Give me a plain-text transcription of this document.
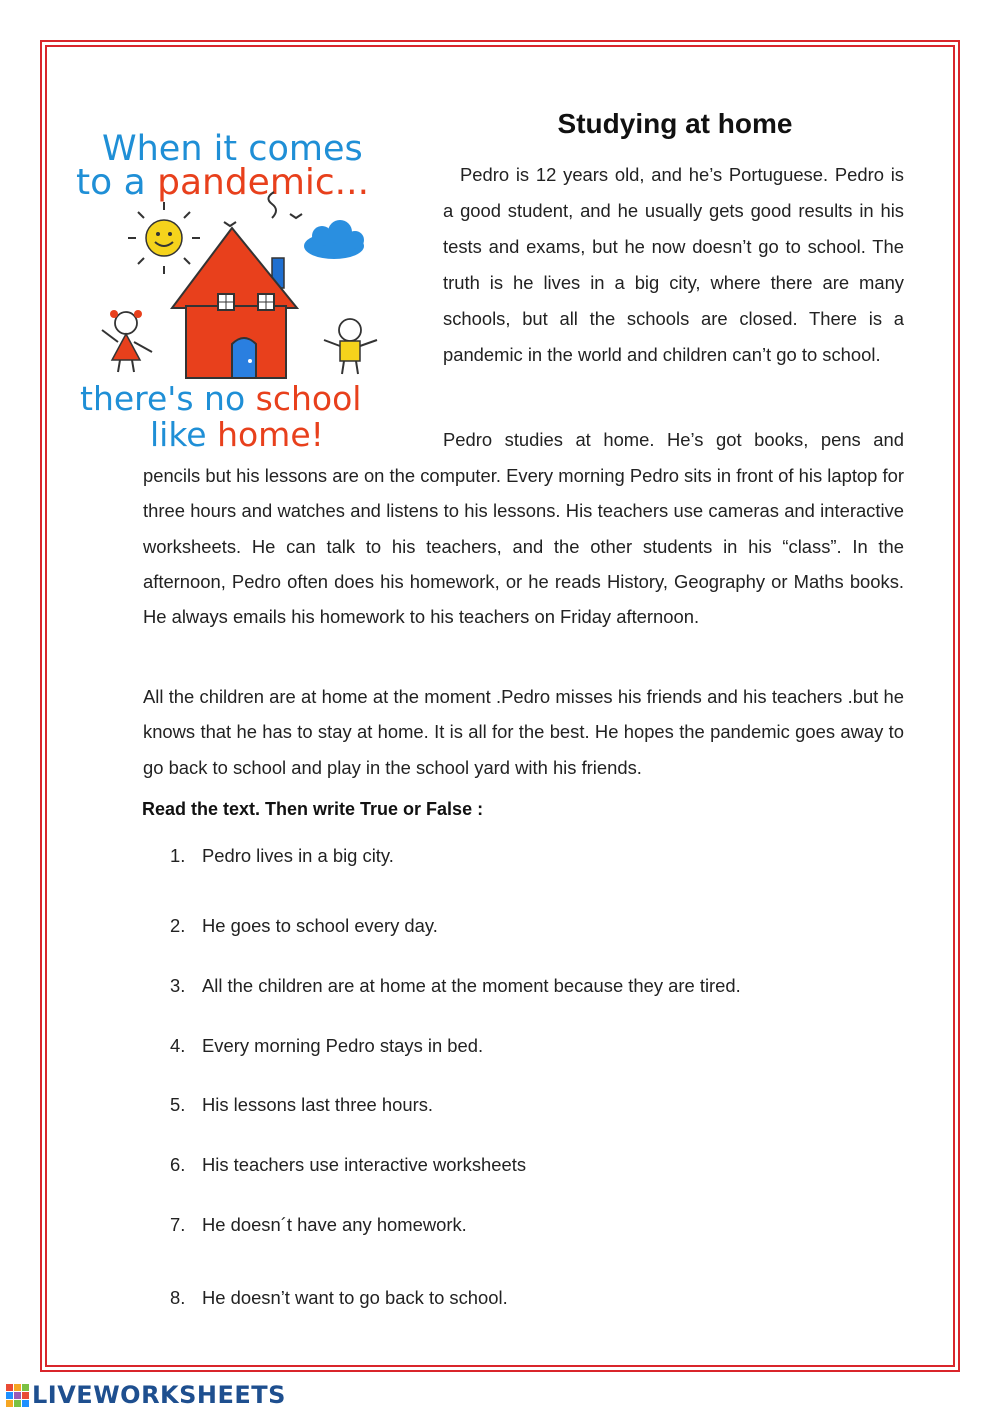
When it comes
to a pandemic...
there's no school
like home!
Studying at home
Pedro is 12 years old, and he’s Portuguese. Pedro is a good student, and he usually gets good results in his tests and exams, but he now doesn’t go to school. The truth is he lives in a big city, where there are many schools, but all the schools are closed. There is a pandemic in the world and children can’t go to school.
Pedro studies at home. He’s got books, pens and
pencils but his lessons are on the computer. Every morning Pedro sits in front of his laptop for three hours and watches and listens to his lessons. His teachers use cameras and interactive worksheets. He can talk to his teachers, and the other students in his “class”. In the afternoon, Pedro often does his homework, or he reads History, Geography or Maths books. He always emails his homework to his teachers on Friday afternoon.
All the children are at home at the moment .Pedro misses his friends and his teachers .but he knows that he has to stay at home. It is all for the best. He hopes the pandemic goes away to go back to school and play in the school yard with his friends.
Read the text. Then write True or False :
1. Pedro lives in a big city.
2. He goes to school every day.
3. All the children are at home at the moment because they are tired.
4. Every morning Pedro stays in bed.
5. His lessons last three hours.
6. His teachers use interactive worksheets
7. He doesn´t have any homework.
8. He doesn’t want to go back to school.
LIVEWORKSHEETS
